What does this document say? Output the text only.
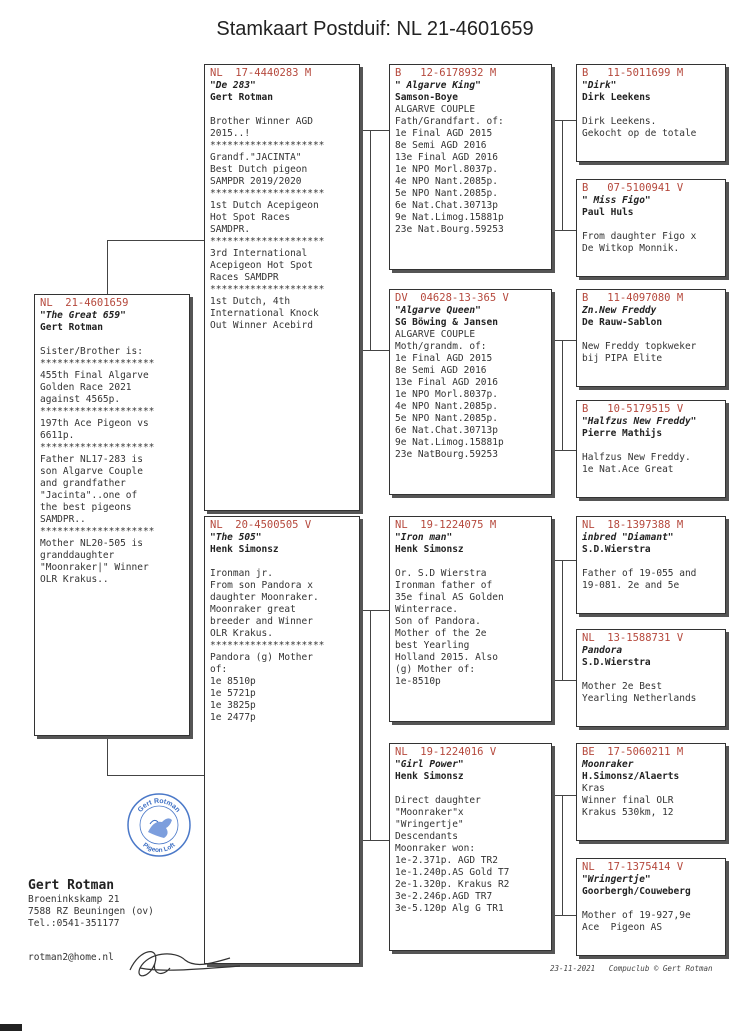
Stamkaart Postduif: NL 21-4601659
NL  21-4601659
"The Great 659"
Gert Rotman
Sister/Brother is:
********************
455th Final Algarve
Golden Race 2021
against 4565p.
********************
197th Ace Pigeon vs
6611p.
********************
Father NL17-283 is
son Algarve Couple
and grandfather
"Jacinta"..one of
the best pigeons
SAMDPR..
********************
Mother NL20-505 is
granddaughter
"Moonraker|" Winner
OLR Krakus..
NL  17-4440283 M
"De 283"
Gert Rotman
Brother Winner AGD
2015..!
********************
Grandf."JACINTA"
Best Dutch pigeon
SAMPDR 2019/2020
********************
1st Dutch Acepigeon
Hot Spot Races
SAMDPR.
********************
3rd International
Acepigeon Hot Spot
Races SAMDPR
********************
1st Dutch, 4th
International Knock
Out Winner Acebird
NL  20-4500505 V
"The 505"
Henk Simonsz
Ironman jr.
From son Pandora x
daughter Moonraker.
Moonraker great
breeder and Winner
OLR Krakus.
********************
Pandora (g) Mother
of:
1e 8510p
1e 5721p
1e 3825p
1e 2477p
B   12-6178932 M
" Algarve King"
Samson-Boye
ALGARVE COUPLE
Fath/Grandfart. of:
1e Final AGD 2015
8e Semi AGD 2016
13e Final AGD 2016
1e NPO Morl.8037p.
4e NPO Nant.2085p.
5e NPO Nant.2085p.
6e Nat.Chat.30713p
9e Nat.Limog.15881p
23e Nat.Bourg.59253
DV  04628-13-365 V
"Algarve Queen"
SG Böwing & Jansen
ALGARVE COUPLE
Moth/grandm. of:
1e Final AGD 2015
8e Semi AGD 2016
13e Final AGD 2016
1e NPO Morl.8037p.
4e NPO Nant.2085p.
5e NPO Nant.2085p.
6e Nat.Chat.30713p
9e Nat.Limog.15881p
23e NatBourg.59253
NL  19-1224075 M
"Iron man"
Henk Simonsz
Or. S.D Wierstra
Ironman father of
35e final AS Golden
Winterrace.
Son of Pandora.
Mother of the 2e
best Yearling
Holland 2015. Also
(g) Mother of:
1e-8510p
NL  19-1224016 V
"Girl Power"
Henk Simonsz
Direct daughter
"Moonraker"x
"Wringertje"
Descendants
Moonraker won:
1e-2.371p. AGD TR2
1e-1.240p.AS Gold T7
2e-1.320p. Krakus R2
3e-2.246p.AGD TR7
3e-5.120p Alg G TR1
B   11-5011699 M
"Dirk"
Dirk Leekens
Dirk Leekens.
Gekocht op de totale
B   07-5100941 V
" Miss Figo"
Paul Huls
From daughter Figo x
De Witkop Monnik.
B   11-4097080 M
Zn.New Freddy
De Rauw-Sablon
New Freddy topkweker
bij PIPA Elite
B   10-5179515 V
"Halfzus New Freddy"
Pierre Mathijs
Halfzus New Freddy.
1e Nat.Ace Great
NL  18-1397388 M
inbred "Diamant"
S.D.Wierstra
Father of 19-055 and
19-081. 2e and 5e
NL  13-1588731 V
Pandora
S.D.Wierstra
Mother 2e Best
Yearling Netherlands
BE  17-5060211 M
Moonraker
H.Simonsz/Alaerts
Kras
Winner final OLR
Krakus 530km, 12
NL  17-1375414 V
"Wringertje"
Goorbergh/Couweberg
Mother of 19-927,9e
Ace  Pigeon AS
Gert Rotman
Pigeon Loft
Gert Rotman
Broeninkskamp 21
7588 RZ Beuningen (ov)
Tel.:0541-351177
rotman2@home.nl
23-11-2021   Compuclub © Gert Rotman
